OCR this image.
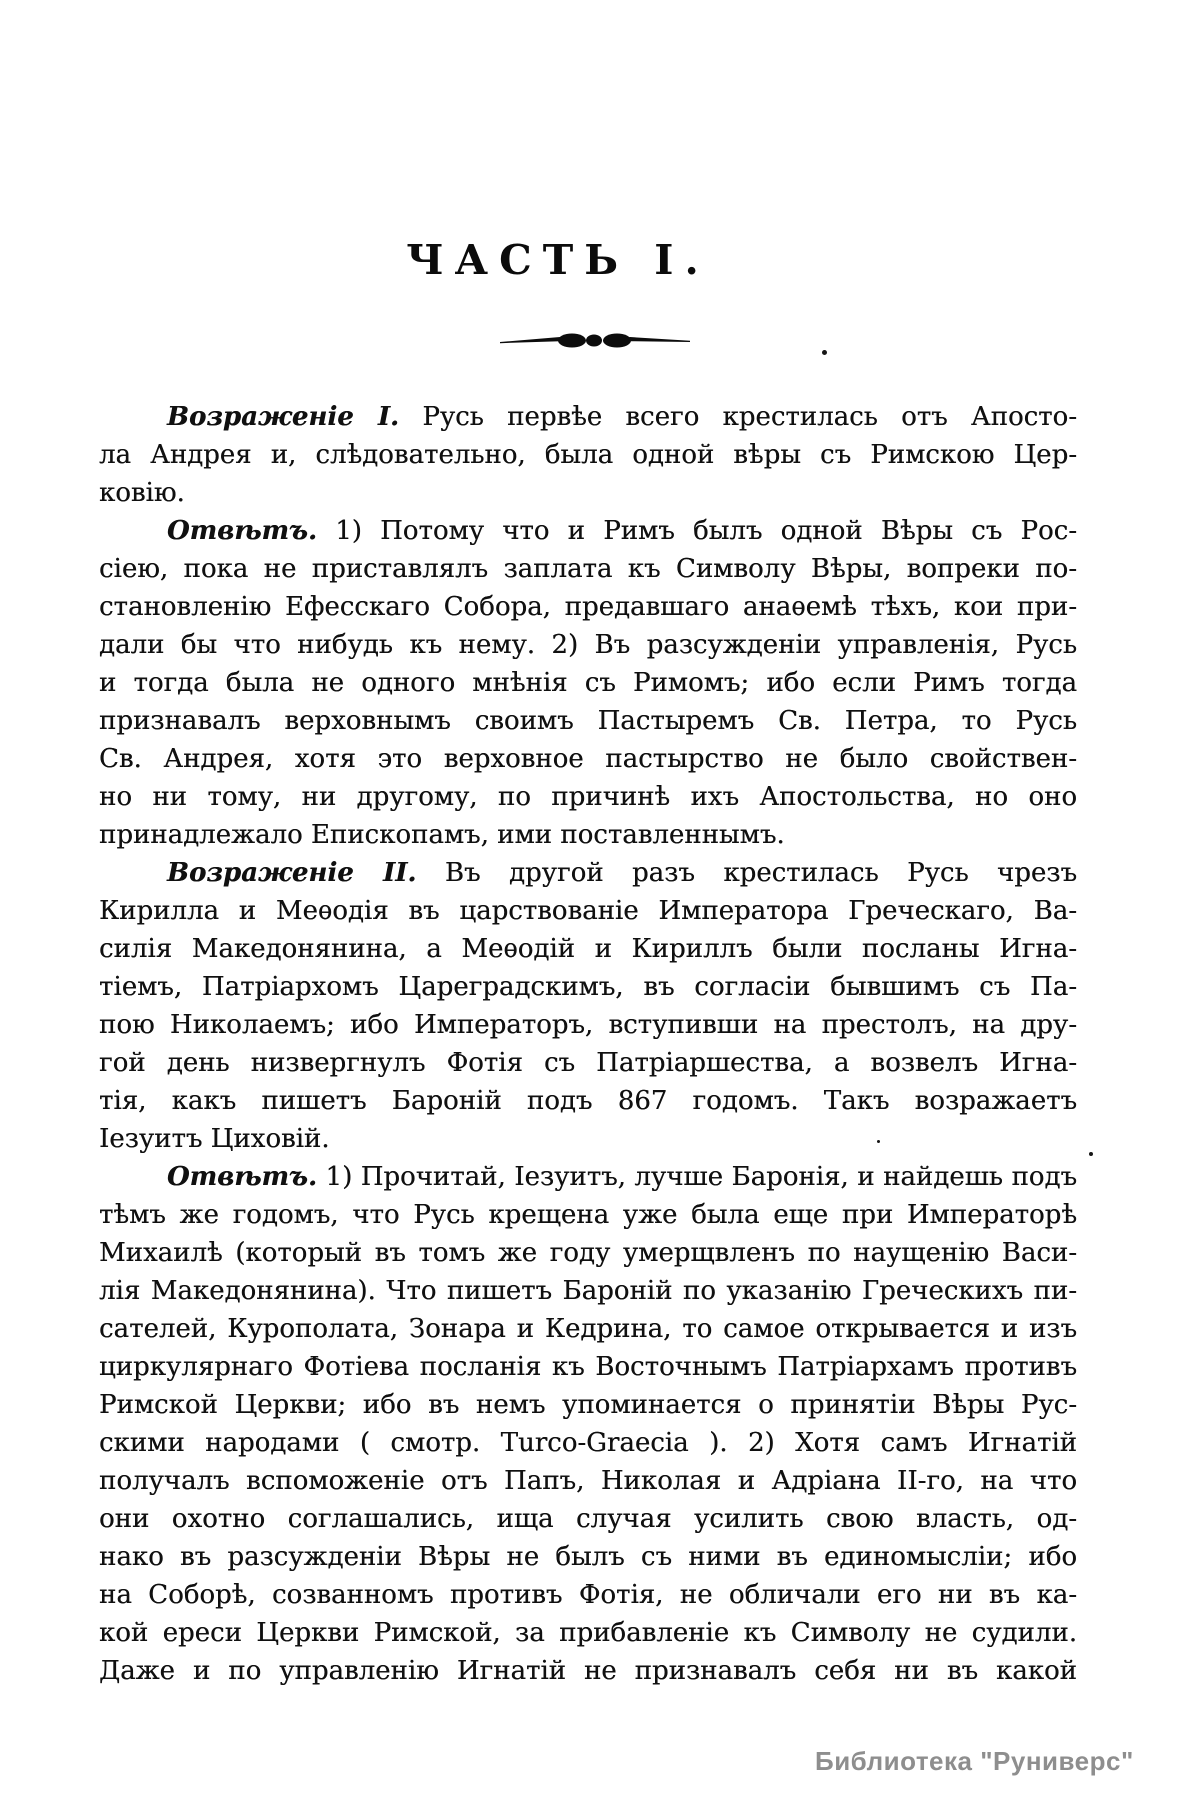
ЧАСТЬ I.
Возраженіе I. Русь первѣе всего крестилась отъ Апосто-
ла Андрея и, слѣдовательно, была одной вѣры съ Римскою Цер-
ковію.
Отвѣтъ. 1) Потому что и Римъ былъ одной Вѣры съ Рос-
сіею, пока не приставлялъ заплата къ Символу Вѣры, вопреки по-
становленію Ефесскаго Собора, предавшаго анаѳемѣ тѣхъ, кои при-
дали бы что нибудь къ нему. 2) Въ разсужденіи управленія, Русь
и тогда была не одного мнѣнія съ Римомъ; ибо если Римъ тогда
признавалъ верховнымъ своимъ Пастыремъ Св. Петра, то Русь
Св. Андрея, хотя это верховное пастырство не было свойствен-
но ни тому, ни другому, по причинѣ ихъ Апостольства, но оно
принадлежало Епископамъ, ими поставленнымъ.
Возраженіе II. Въ другой разъ крестилась Русь чрезъ
Кирилла и Меѳодія въ царствованіе Императора Греческаго, Ва-
силія Македонянина, а Меѳодій и Кириллъ были посланы Игна-
тіемъ, Патріархомъ Цареградскимъ, въ согласіи бывшимъ съ Па-
пою Николаемъ; ибо Императоръ, вступивши на престолъ, на дру-
гой день низвергнулъ Фотія съ Патріаршества, а возвелъ Игна-
тія, какъ пишетъ Бароній подъ 867 годомъ. Такъ возражаетъ
Іезуитъ Циховій.
Отвѣтъ. 1) Прочитай, Іезуитъ, лучше Баронія, и найдешь подъ
тѣмъ же годомъ, что Русь крещена уже была еще при Императорѣ
Михаилѣ (который въ томъ же году умерщвленъ по наущенію Васи-
лія Македонянина). Что пишетъ Бароній по указанію Греческихъ пи-
сателей, Курополата, Зонара и Кедрина, то самое открывается и изъ
циркулярнаго Фотіева посланія къ Восточнымъ Патріархамъ противъ
Римской Церкви; ибо въ немъ упоминается о принятіи Вѣры Рус-
скими народами ( смотр. Turco-Graecia ). 2) Хотя самъ Игнатій
получалъ вспоможеніе отъ Папъ, Николая и Адріана II-го, на что
они охотно соглашались, ища случая усилить свою власть, од-
нако въ разсужденіи Вѣры не былъ съ ними въ единомысліи; ибо
на Соборѣ, созванномъ противъ Фотія, не обличали его ни въ ка-
кой ереси Церкви Римской, за прибавленіе къ Символу не судили.
Даже и по управленію Игнатій не признавалъ себя ни въ какой
Библиотека "Руниверс"
